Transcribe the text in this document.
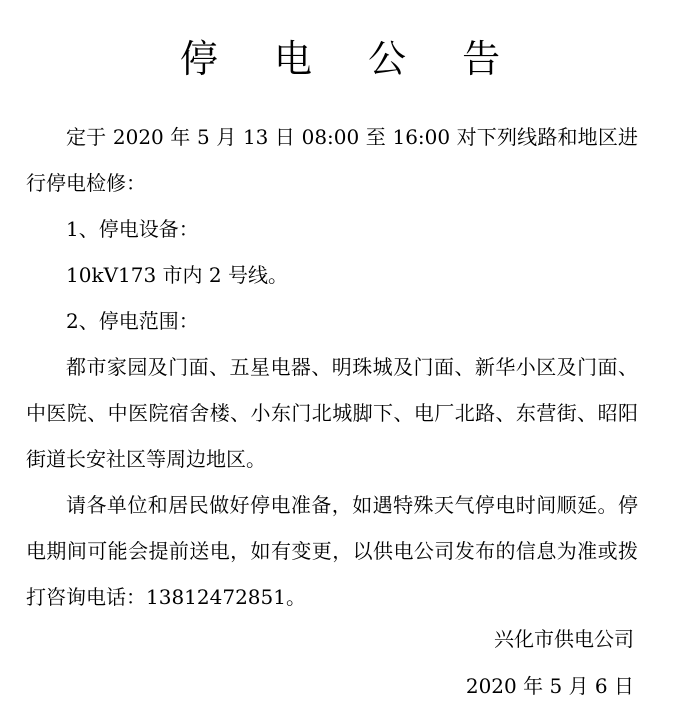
停 电 公 告

定于 2020 年 5 月 13 日 08:00 至 16:00 对下列线路和地区进行停电检修：

1、停电设备：

10kV173 市内 2 号线。

2、停电范围：

都市家园及门面、五星电器、明珠城及门面、新华小区及门面、中医院、中医院宿舍楼、小东门北城脚下、电厂北路、东营街、昭阳街道长安社区等周边地区。

请各单位和居民做好停电准备，如遇特殊天气停电时间顺延。停电期间可能会提前送电，如有变更，以供电公司发布的信息为准或拨打咨询电话：13812472851。

兴化市供电公司
2020 年 5 月 6 日
